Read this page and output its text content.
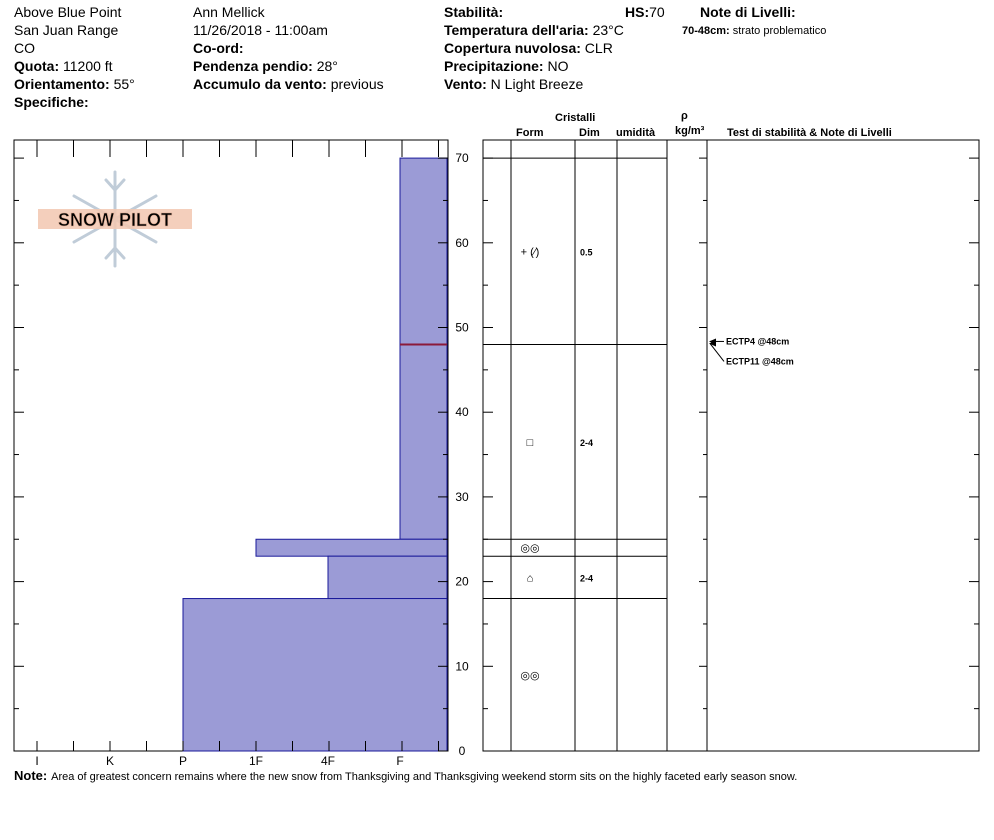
Above Blue Point
San Juan Range
CO
Quota: 11200 ft
Orientamento: 55°
Specifiche:
Ann Mellick
11/26/2018 - 11:00am
Co-ord:
Pendenza pendio: 28°
Accumulo da vento: previous
Stabilità:	HS:70
Temperatura dell'aria: 23°C
Copertura nuvolosa: CLR
Precipitazione: NO
Vento: N Light Breeze
Note di Livelli:
70-48cm: strato problematico
Cristalli
Form	Dim umidità
ρ
kg/m³ Test di stabilità & Note di Livelli
SNOW PILOT
I	K	P	1F	4F	F
0
10
20
30
40
50
60
70
+ (⁄)	0.5
□	2-4
◎◎
⌂	2-4
◎◎
ECTP4 @48cm
ECTP11 @48cm
Note: Area of greatest concern remains where the new snow from Thanksgiving and Thanksgiving weekend storm sits on the highly faceted early season snow.
